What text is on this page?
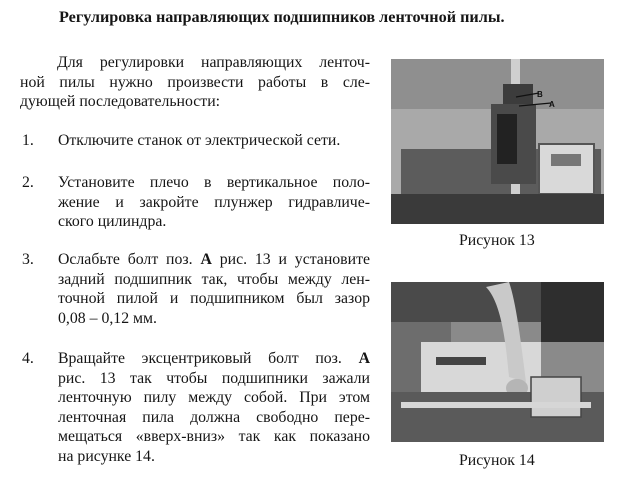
Регулировка направляющих подшипников ленточной пилы.
Для регулировки направляющих ленточ-
ной пилы нужно произвести работы в сле-
дующей последовательности:
1. Отключите станок от электрической сети.
2. Установите плечо в вертикальное поло-
жение и закройте плунжер гидравличе-
ского цилиндра.
3. Ослабьте болт поз. A рис. 13 и установите
задний подшипник так, чтобы между лен-
точной пилой и подшипником был зазор
0,08 – 0,12 мм.
4. Вращайте эксцентриковый болт поз. A
рис. 13 так чтобы подшипники зажали
ленточную пилу между собой. При этом
ленточная пила должна свободно пере-
мещаться «вверх-вниз» так как показано
на рисунке 14.
B
A
Рисунок 13
Рисунок 14
